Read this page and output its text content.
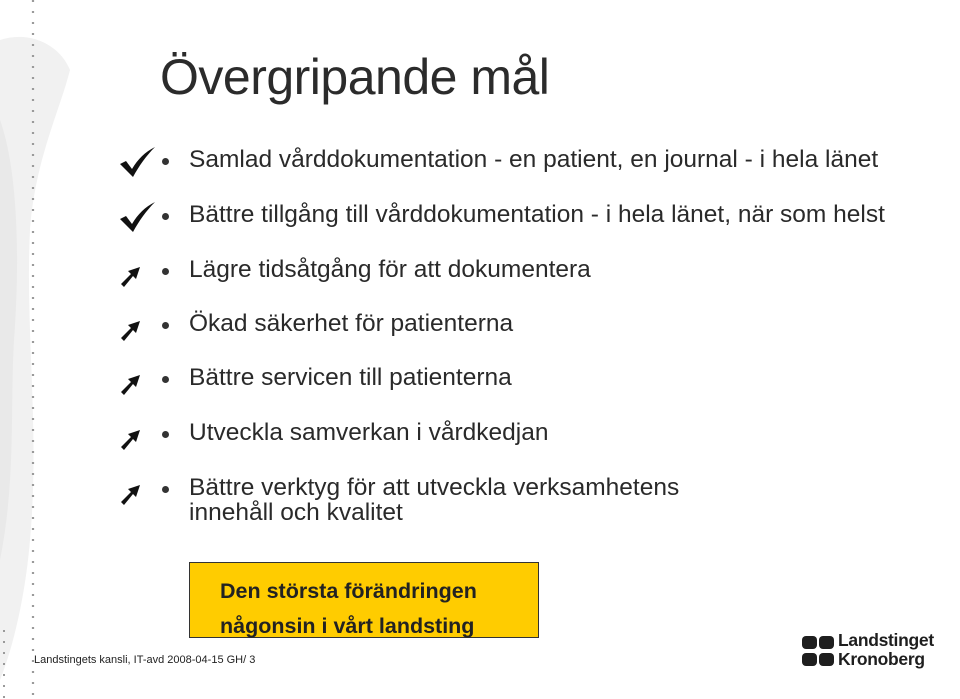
Övergripande mål
Samlad vårddokumentation - en patient, en journal - i hela länet
Bättre tillgång till vårddokumentation - i hela länet, när som helst
Lägre tidsåtgång för att dokumentera
Ökad säkerhet för patienterna
Bättre servicen till patienterna
Utveckla samverkan i vårdkedjan
Bättre verktyg för att utveckla verksamhetens
innehåll och kvalitet
Den största förändringen
någonsin i vårt landsting
Landstingets kansli, IT-avd 2008-04-15 GH/ 3
Landstinget
Kronoberg
